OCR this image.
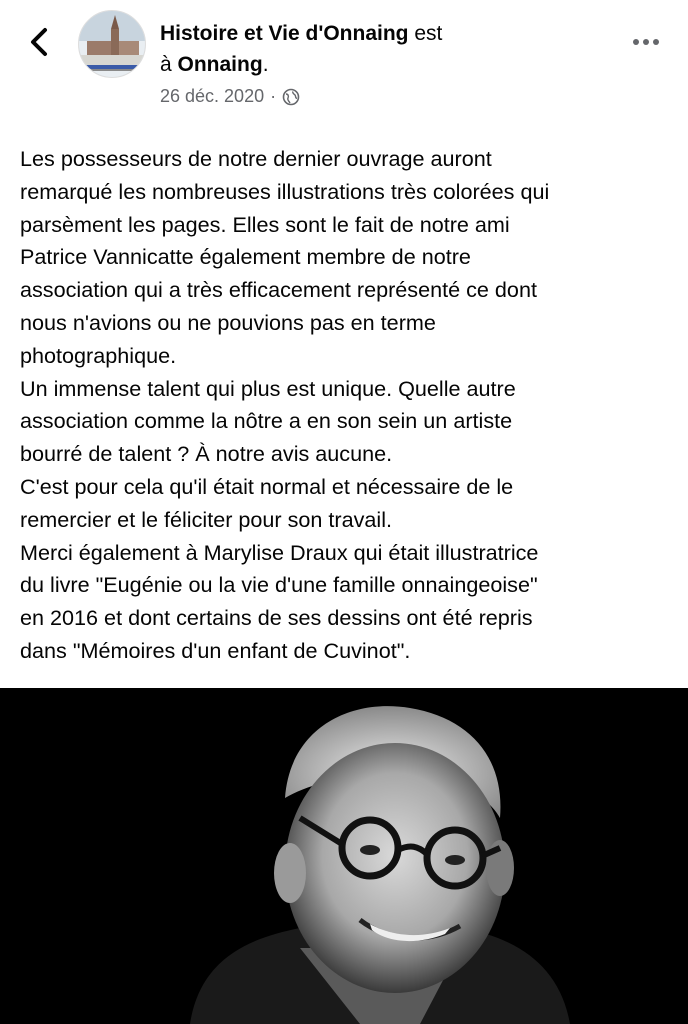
Histoire et Vie d'Onnaing est
à Onnaing.
26 déc. 2020 ·

Les possesseurs de notre dernier ouvrage auront

remarqué les nombreuses illustrations très colorées qui

parsèment les pages. Elles sont le fait de notre ami

Patrice Vannicatte également membre de notre

association qui a très efficacement représenté ce dont

nous n'avions ou ne pouvions pas en terme

photographique.

Un immense talent qui plus est unique. Quelle autre

association comme la nôtre a en son sein un artiste

bourré de talent ? À notre avis aucune.

C'est pour cela qu'il était normal et nécessaire de le

remercier et le féliciter pour son travail.

Merci également à Marylise Draux qui était illustratrice

du livre "Eugénie ou la vie d'une famille onnaingeoise"

en 2016 et dont certains de ses dessins ont été repris

dans "Mémoires d'un enfant de Cuvinot".
